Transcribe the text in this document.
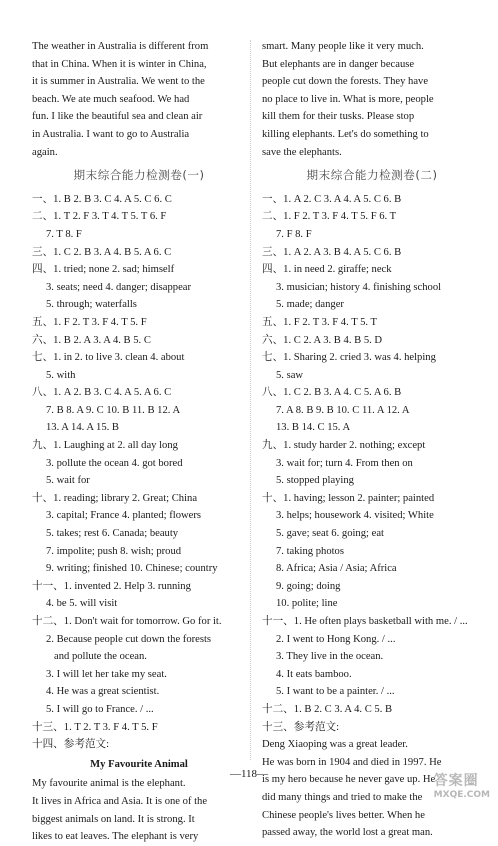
The weather in Australia is different from
that in China. When it is winter in China,
it is summer in Australia. We went to the
beach. We ate much seafood. We had
fun. I like the beautiful sea and clean air
in Australia. I want to go to Australia
again.
期末综合能力检测卷(一)
一、1. B 2. B 3. C 4. A 5. C 6. C
二、1. T 2. F 3. T 4. T 5. T 6. F
7. T 8. F
三、1. C 2. B 3. A 4. B 5. A 6. C
四、1. tried; none 2. sad; himself
3. seats; need 4. danger; disappear
5. through; waterfalls
五、1. F 2. T 3. F 4. T 5. F
六、1. B 2. A 3. A 4. B 5. C
七、1. in 2. to live 3. clean 4. about
5. with
八、1. A 2. B 3. C 4. A 5. A 6. C
7. B 8. A 9. C 10. B 11. B 12. A
13. A 14. A 15. B
九、1. Laughing at 2. all day long
3. pollute the ocean 4. got bored
5. wait for
十、1. reading; library 2. Great; China
3. capital; France 4. planted; flowers
5. takes; rest 6. Canada; beauty
7. impolite; push 8. wish; proud
9. writing; finished 10. Chinese; country
十一、1. invented 2. Help 3. running
4. be 5. will visit
十二、1. Don't wait for tomorrow. Go for it.
2. Because people cut down the forests
and pollute the ocean.
3. I will let her take my seat.
4. He was a great scientist.
5. I will go to France. / ...
十三、1. T 2. T 3. F 4. T 5. F
十四、参考范文:
My Favourite Animal
My favourite animal is the elephant.
It lives in Africa and Asia. It is one of the
biggest animals on land. It is strong. It
likes to eat leaves. The elephant is very
smart. Many people like it very much.
But elephants are in danger because
people cut down the forests. They have
no place to live in. What is more, people
kill them for their tusks. Please stop
killing elephants. Let's do something to
save the elephants.
期末综合能力检测卷(二)
一、1. A 2. C 3. A 4. A 5. C 6. B
二、1. F 2. T 3. F 4. T 5. F 6. T
7. F 8. F
三、1. A 2. A 3. B 4. A 5. C 6. B
四、1. in need 2. giraffe; neck
3. musician; history 4. finishing school
5. made; danger
五、1. F 2. T 3. F 4. T 5. T
六、1. C 2. A 3. B 4. B 5. D
七、1. Sharing 2. cried 3. was 4. helping
5. saw
八、1. C 2. B 3. A 4. C 5. A 6. B
7. A 8. B 9. B 10. C 11. A 12. A
13. B 14. C 15. A
九、1. study harder 2. nothing; except
3. wait for; turn 4. From then on
5. stopped playing
十、1. having; lesson 2. painter; painted
3. helps; housework 4. visited; White
5. gave; seat 6. going; eat
7. taking photos
8. Africa; Asia / Asia; Africa
9. going; doing
10. polite; line
十一、1. He often plays basketball with me. / ...
2. I went to Hong Kong. / ...
3. They live in the ocean.
4. It eats bamboo.
5. I want to be a painter. / ...
十二、1. B 2. C 3. A 4. C 5. B
十三、参考范文:
Deng Xiaoping was a great leader.
He was born in 1904 and died in 1997. He
is my hero because he never gave up. He
did many things and tried to make the
Chinese people's lives better. When he
passed away, the world lost a great man.
—118—	答案圈
MXQE.COM
